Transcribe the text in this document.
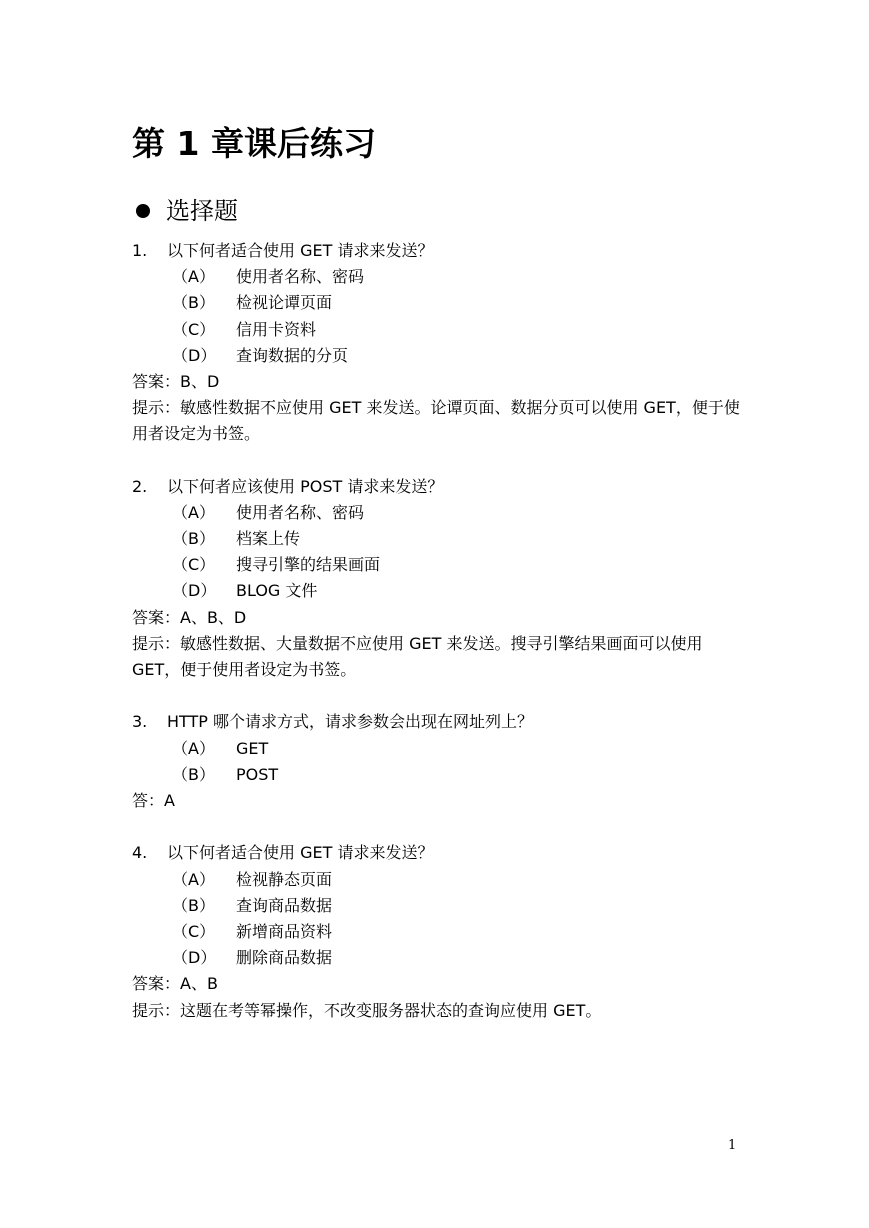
第 1 章课后练习
选择题
1. 以下何者适合使用 GET 请求来发送？
（A） 使用者名称、密码
（B） 检视论谭页面
（C） 信用卡资料
（D） 查询数据的分页
答案：B、D
提示：敏感性数据不应使用 GET 来发送。论谭页面、数据分页可以使用 GET，便于使用者设定为书签。
2. 以下何者应该使用 POST 请求来发送？
（A） 使用者名称、密码
（B） 档案上传
（C） 搜寻引擎的结果画面
（D） BLOG 文件
答案：A、B、D
提示：敏感性数据、大量数据不应使用 GET 来发送。搜寻引擎结果画面可以使用 GET，便于使用者设定为书签。
3. HTTP 哪个请求方式，请求参数会出现在网址列上？
（A） GET
（B） POST
答：A
4. 以下何者适合使用 GET 请求来发送？
（A） 检视静态页面
（B） 查询商品数据
（C） 新增商品资料
（D） 删除商品数据
答案：A、B
提示：这题在考等幂操作，不改变服务器状态的查询应使用 GET。
1
